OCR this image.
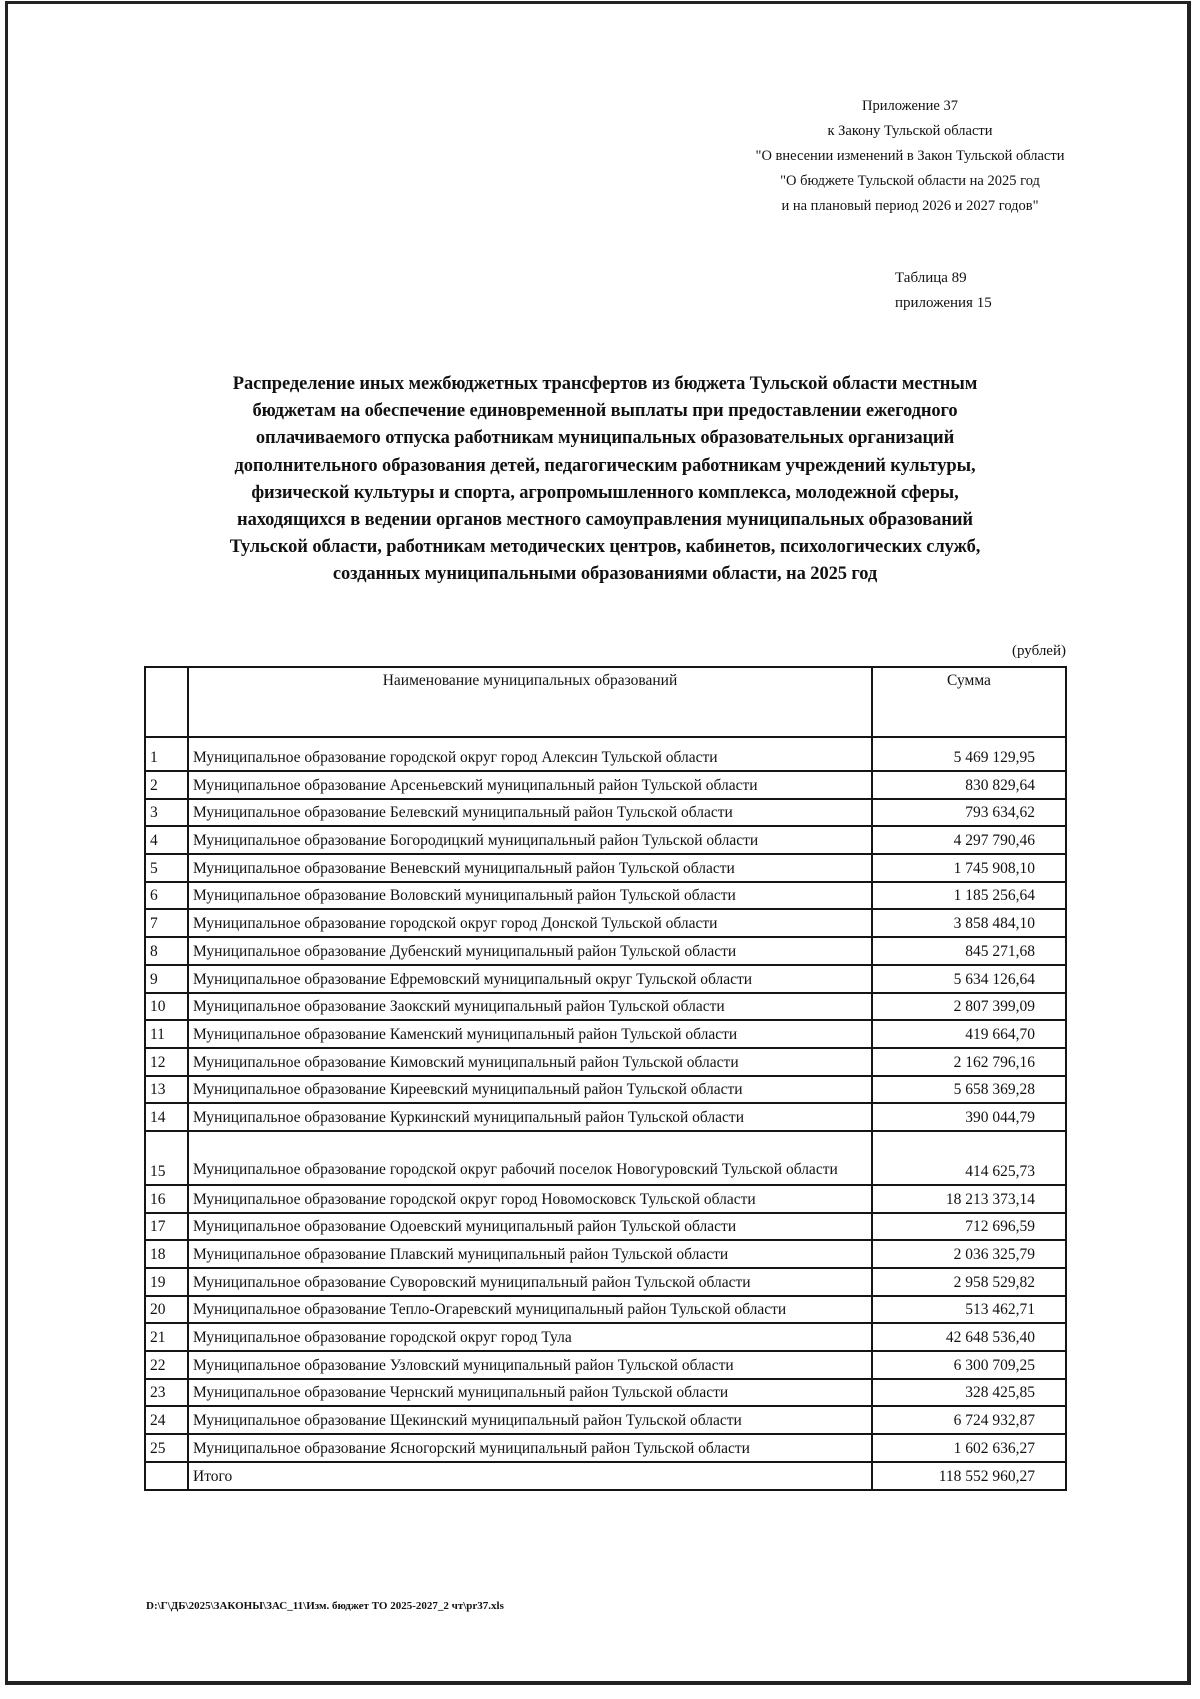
Приложение 37
к Закону Тульской области
"О внесении изменений в Закон Тульской области
"О бюджете Тульской области на 2025 год
и на плановый период 2026 и 2027 годов"
Таблица 89
приложения 15
Распределение иных межбюджетных трансфертов из бюджета Тульской области местным
бюджетам на обеспечение единовременной выплаты при предоставлении ежегодного
оплачиваемого отпуска работникам муниципальных образовательных организаций
дополнительного образования детей, педагогическим работникам учреждений культуры,
физической культуры и спорта, агропромышленного комплекса, молодежной сферы,
находящихся в ведении органов местного самоуправления муниципальных образований
Тульской области, работникам методических центров, кабинетов, психологических служб,
созданных муниципальными образованиями области, на 2025 год
(рублей)
	Наименование муниципальных образований	Сумма
1	Муниципальное образование городской округ город Алексин Тульской области	5 469 129,95
2	Муниципальное образование Арсеньевский муниципальный район Тульской области	830 829,64
3	Муниципальное образование Белевский муниципальный район Тульской области	793 634,62
4	Муниципальное образование Богородицкий муниципальный район Тульской области	4 297 790,46
5	Муниципальное образование Веневский муниципальный район Тульской области	1 745 908,10
6	Муниципальное образование Воловский муниципальный район Тульской области	1 185 256,64
7	Муниципальное образование городской округ город Донской Тульской области	3 858 484,10
8	Муниципальное образование Дубенский муниципальный район Тульской области	845 271,68
9	Муниципальное образование Ефремовский муниципальный округ Тульской области	5 634 126,64
10	Муниципальное образование Заокский муниципальный район Тульской области	2 807 399,09
11	Муниципальное образование Каменский муниципальный район Тульской области	419 664,70
12	Муниципальное образование Кимовский муниципальный район Тульской области	2 162 796,16
13	Муниципальное образование Киреевский муниципальный район Тульской области	5 658 369,28
14	Муниципальное образование Куркинский муниципальный район Тульской области	390 044,79
15	Муниципальное образование городской округ рабочий поселок Новогуровский Тульской области	414 625,73
16	Муниципальное образование городской округ город Новомосковск Тульской области	18 213 373,14
17	Муниципальное образование Одоевский муниципальный район Тульской области	712 696,59
18	Муниципальное образование Плавский муниципальный район Тульской области	2 036 325,79
19	Муниципальное образование Суворовский муниципальный район Тульской области	2 958 529,82
20	Муниципальное образование Тепло-Огаревский муниципальный район Тульской области	513 462,71
21	Муниципальное образование городской округ город Тула	42 648 536,40
22	Муниципальное образование Узловский муниципальный район Тульской области	6 300 709,25
23	Муниципальное образование Чернский муниципальный район Тульской области	328 425,85
24	Муниципальное образование Щекинский муниципальный район Тульской области	6 724 932,87
25	Муниципальное образование Ясногорский муниципальный район Тульской области	1 602 636,27
	Итого	118 552 960,27
D:\Г\ДБ\2025\ЗАКОНЫ\ЗАС_11\Изм. бюджет ТО 2025-2027_2 чт\pr37.xls
